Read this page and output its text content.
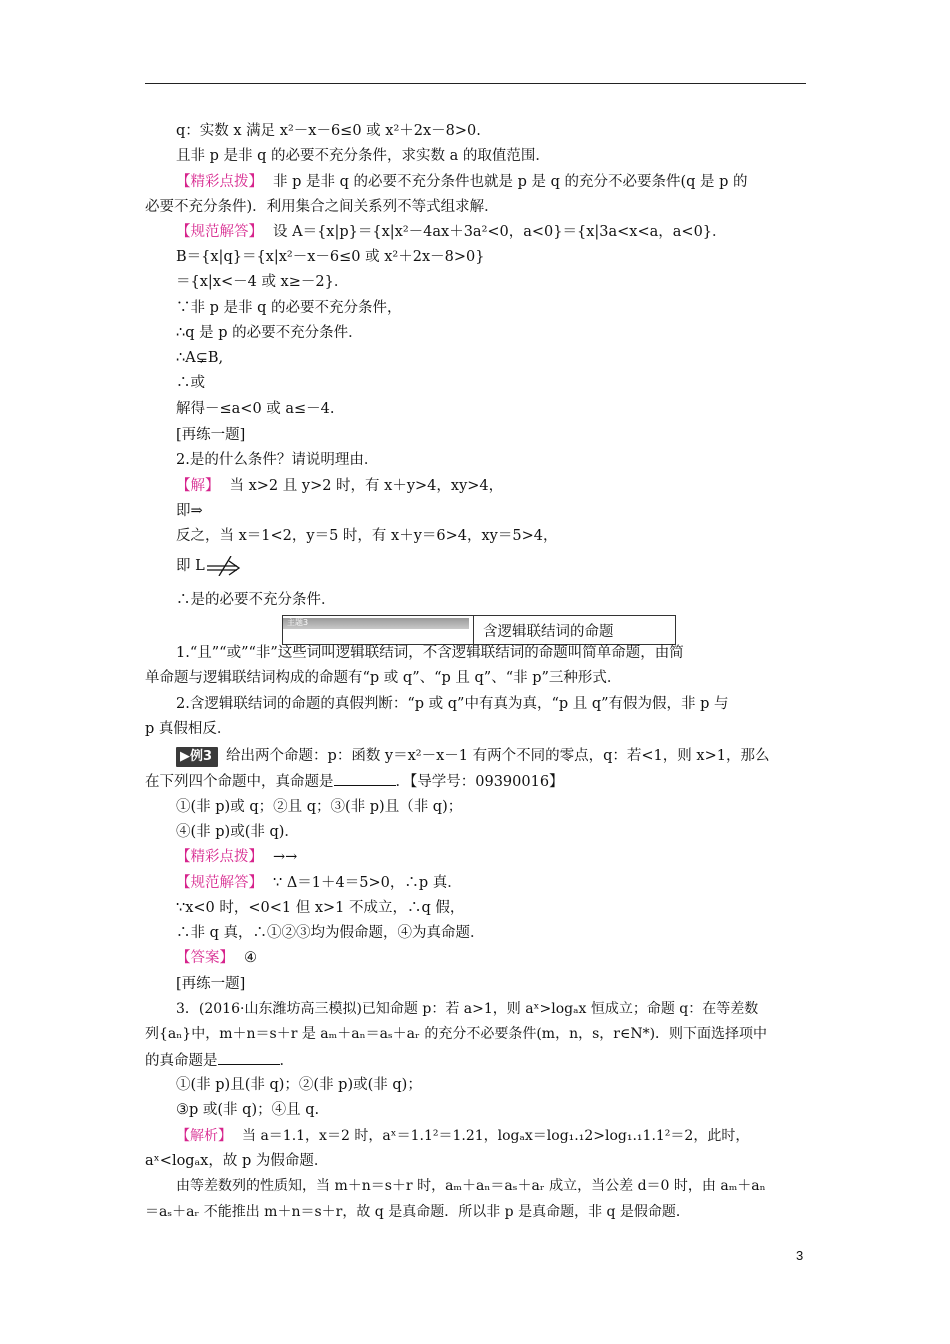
q：实数 x 满足 x²－x－6≤0 或 x²＋2x－8>0.
且非 p 是非 q 的必要不充分条件，求实数 a 的取值范围．
【精彩点拨】 非 p 是非 q 的必要不充分条件也就是 p 是 q 的充分不必要条件(q 是 p 的
必要不充分条件)．利用集合之间关系列不等式组求解．
【规范解答】 设 A＝{x|p}＝{x|x²－4ax＋3a²<0，a<0}＝{x|3a<x<a，a<0}．
B＝{x|q}＝{x|x²－x－6≤0 或 x²＋2x－8>0}
＝{x|x<－4 或 x≥－2}．
∵非 p 是非 q 的必要不充分条件，
∴q 是 p 的必要不充分条件．
∴A⊊B,
∴或
解得－≤a<0 或 a≤－4.
[再练一题]
2.是的什么条件？请说明理由．
【解】 当 x>2 且 y>2 时，有 x＋y>4，xy>4，
即⇒
反之，当 x＝1<2，y＝5 时，有 x＋y＝6>4，xy＝5>4，
即 L
∴是的必要不充分条件．
主题3
含逻辑联结词的命题
1.“且”“或”“非”这些词叫逻辑联结词，不含逻辑联结词的命题叫简单命题，由简
单命题与逻辑联结词构成的命题有“p 或 q”、“p 且 q”、“非 p”三种形式．
2.含逻辑联结词的命题的真假判断：“p 或 q”中有真为真，“p 且 q”有假为假，非 p 与
p 真假相反．
▶例3 给出两个命题：p：函数 y＝x²－x－1 有两个不同的零点，q：若<1，则 x>1，那么
在下列四个命题中，真命题是	．【导学号：09390016】
①(非 p)或 q；②且 q；③(非 p)且（非 q)；
④(非 p)或(非 q)．
【精彩点拨】 →→
【规范解答】 ∵ Δ＝1＋4＝5>0，∴p 真．
∵x<0 时，<0<1 但 x>1 不成立，∴q 假，
∴非 q 真，∴①②③均为假命题，④为真命题．
【答案】 ④
[再练一题]
3．(2016·山东潍坊高三模拟)已知命题 p：若 a>1，则 aˣ>logₐx 恒成立；命题 q：在等差数
列{aₙ}中，m＋n＝s＋r 是 aₘ＋aₙ＝aₛ＋aᵣ 的充分不必要条件(m，n，s，r∈N*)．则下面选择项中
的真命题是	．
①(非 p)且(非 q)；②(非 p)或(非 q)；
③p 或(非 q)；④且 q.
【解析】 当 a＝1.1，x＝2 时，aˣ＝1.1²＝1.21，logₐx＝log₁.₁2>log₁.₁1.1²＝2，此时，
aˣ<logₐx，故 p 为假命题．
由等差数列的性质知，当 m＋n＝s＋r 时，aₘ＋aₙ＝aₛ＋aᵣ 成立，当公差 d＝0 时，由 aₘ＋aₙ
＝aₛ＋aᵣ 不能推出 m＋n＝s＋r，故 q 是真命题．所以非 p 是真命题，非 q 是假命题．
3
